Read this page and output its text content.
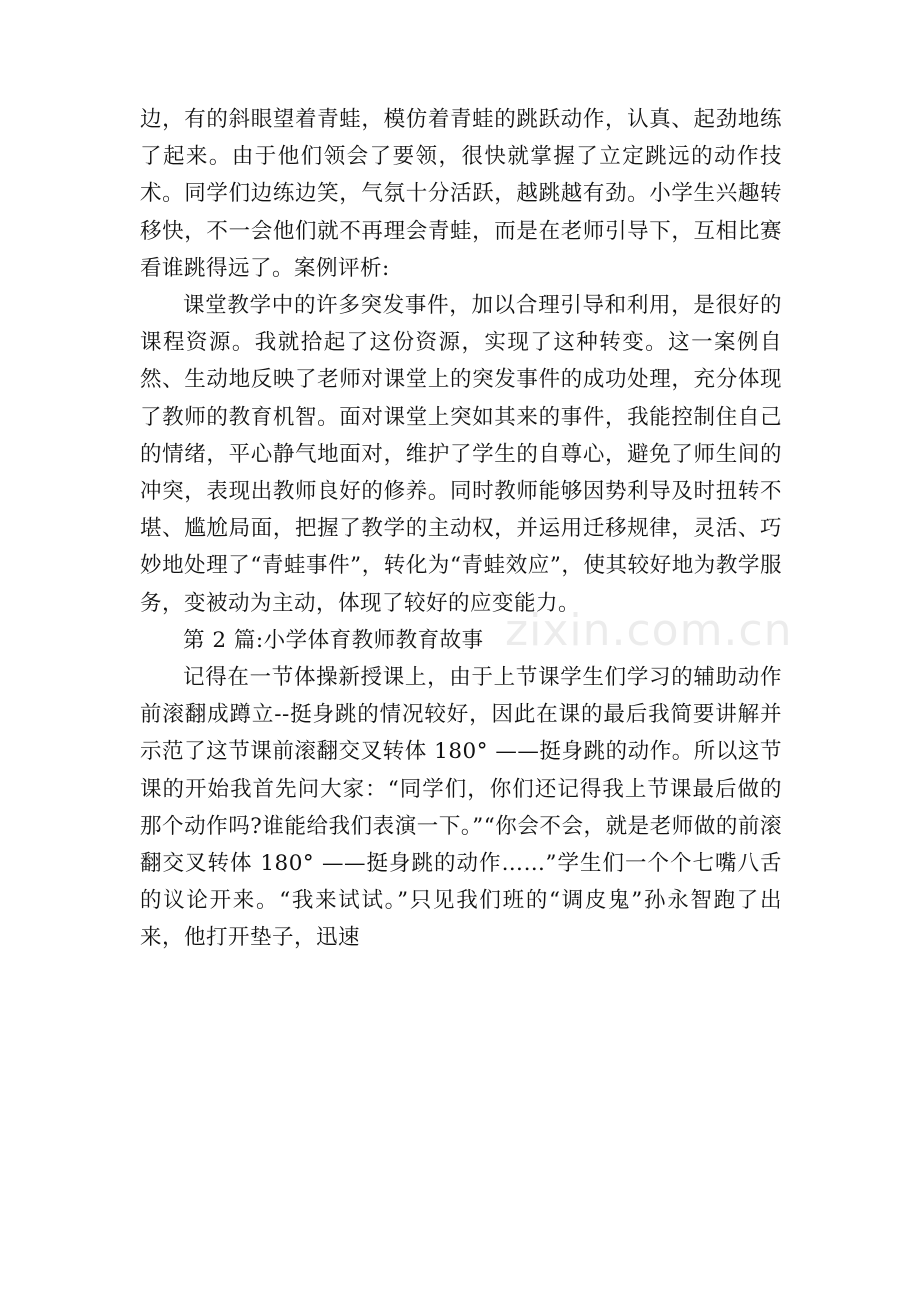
边，有的斜眼望着青蛙，模仿着青蛙的跳跃动作，认真、起劲地练了起来。由于他们领会了要领，很快就掌握了立定跳远的动作技术。同学们边练边笑，气氛十分活跃，越跳越有劲。小学生兴趣转移快，不一会他们就不再理会青蛙，而是在老师引导下，互相比赛看谁跳得远了。案例评析:

课堂教学中的许多突发事件，加以合理引导和利用，是很好的课程资源。我就拾起了这份资源，实现了这种转变。这一案例自然、生动地反映了老师对课堂上的突发事件的成功处理，充分体现了教师的教育机智。面对课堂上突如其来的事件，我能控制住自己的情绪，平心静气地面对，维护了学生的自尊心，避免了师生间的冲突，表现出教师良好的修养。同时教师能够因势利导及时扭转不堪、尴尬局面，把握了教学的主动权，并运用迁移规律，灵活、巧妙地处理了“青蛙事件”，转化为“青蛙效应”，使其较好地为教学服务，变被动为主动，体现了较好的应变能力。

第 2 篇:小学体育教师教育故事

记得在一节体操新授课上，由于上节课学生们学习的辅助动作前滚翻成蹲立--挺身跳的情况较好，因此在课的最后我简要讲解并示范了这节课前滚翻交叉转体 180° ——挺身跳的动作。所以这节课的开始我首先问大家：“同学们，你们还记得我上节课最后做的那个动作吗?谁能给我们表演一下。”“你会不会，就是老师做的前滚翻交叉转体 180° ——挺身跳的动作……”学生们一个个七嘴八舌的议论开来。“我来试试。”只见我们班的“调皮鬼”孙永智跑了出来，他打开垫子，迅速

zixin.com.cn
